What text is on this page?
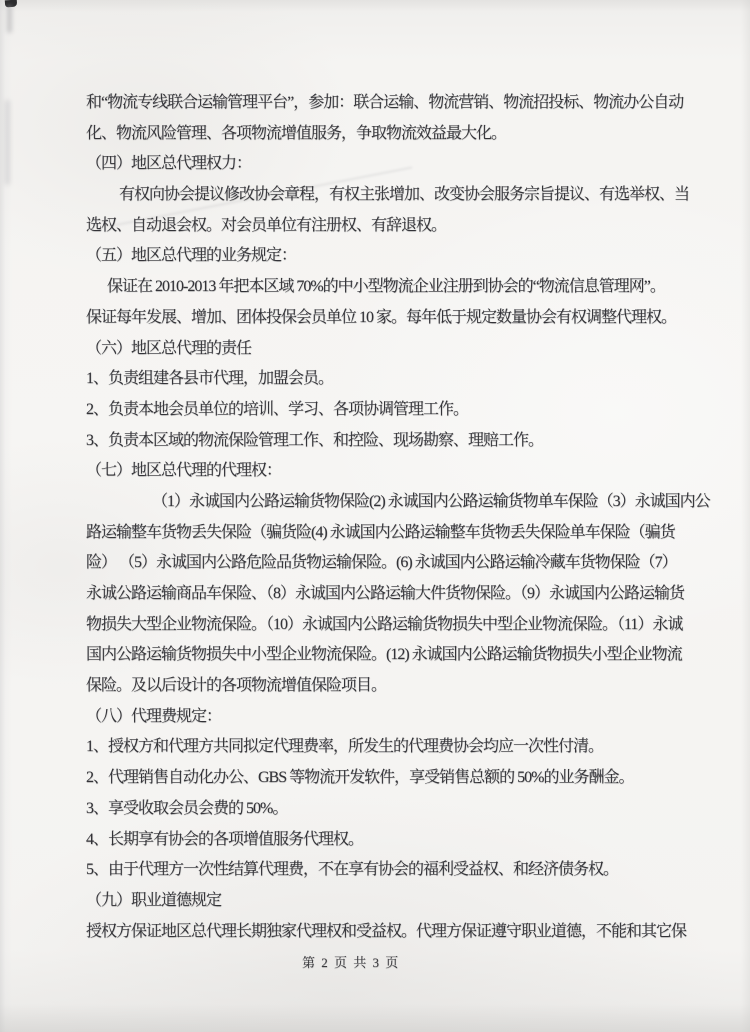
和“物流专线联合运输管理平台”，参加：联合运输、物流营销、物流招投标、物流办公自动
化、物流风险管理、各项物流增值服务，争取物流效益最大化。
（四）地区总代理权力：
有权向协会提议修改协会章程，有权主张增加、改变协会服务宗旨提议、有选举权、当
选权、自动退会权。对会员单位有注册权、有辞退权。
（五）地区总代理的业务规定：
保证在 2010-2013 年把本区域 70%的中小型物流企业注册到协会的“物流信息管理网”。
保证每年发展、增加、团体投保会员单位 10 家。每年低于规定数量协会有权调整代理权。
（六）地区总代理的责任
1、负责组建各县市代理，加盟会员。
2、负责本地会员单位的培训、学习、各项协调管理工作。
3、负责本区域的物流保险管理工作、和控险、现场勘察、理赔工作。
（七）地区总代理的代理权：
（1）永诚国内公路运输货物保险(2) 永诚国内公路运输货物单车保险（3）永诚国内公
路运输整车货物丢失保险（骗货险(4) 永诚国内公路运输整车货物丢失保险单车保险（骗货
险） （5）永诚国内公路危险品货物运输保险。(6) 永诚国内公路运输冷藏车货物保险（7）
永诚公路运输商品车保险、（8）永诚国内公路运输大件货物保险。（9）永诚国内公路运输货
物损失大型企业物流保险。（10）永诚国内公路运输货物损失中型企业物流保险。（11）永诚
国内公路运输货物损失中小型企业物流保险。(12) 永诚国内公路运输货物损失小型企业物流
保险。及以后设计的各项物流增值保险项目。
（八）代理费规定：
1、授权方和代理方共同拟定代理费率，所发生的代理费协会均应一次性付清。
2、代理销售自动化办公、GBS 等物流开发软件，享受销售总额的 50%的业务酬金。
3、享受收取会员会费的 50%。
4、长期享有协会的各项增值服务代理权。
5、由于代理方一次性结算代理费，不在享有协会的福利受益权、和经济债务权。
（九）职业道德规定
授权方保证地区总代理长期独家代理权和受益权。代理方保证遵守职业道德，不能和其它保
第 2 页 共 3 页
